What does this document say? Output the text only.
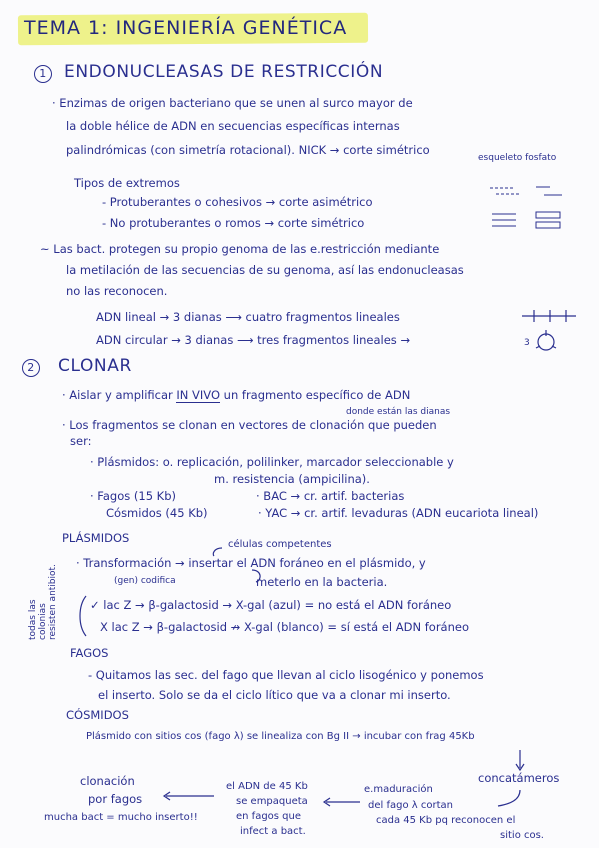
TEMA 1: INGENIERÍA GENÉTICA
1 ENDONUCLEASAS DE RESTRICCIÓN
· Enzimas de origen bacteriano que se unen al surco mayor de
la doble hélice de ADN en secuencias específicas internas
palindrómicas (con simetría rotacional). NICK → corte simétrico
esqueleto fosfato
Tipos de extremos
- Protuberantes o cohesivos → corte asimétrico
- No protuberantes o romos → corte simétrico
~ Las bact. protegen su propio genoma de las e.restricción mediante
la metilación de las secuencias de su genoma, así las endonucleasas
no las reconocen.
ADN lineal → 3 dianas ⟶ cuatro fragmentos lineales
ADN circular → 3 dianas ⟶ tres fragmentos lineales →	3
2 CLONAR
· Aislar y amplificar IN VIVO un fragmento específico de ADN
donde están las dianas
· Los fragmentos se clonan en vectores de clonación que pueden
ser:
· Plásmidos: o. replicación, polilinker, marcador seleccionable y
m. resistencia (ampicilina).
· Fagos (15 Kb)	· BAC → cr. artif. bacterias
Cósmidos (45 Kb)	· YAC → cr. artif. levaduras (ADN eucariota lineal)
PLÁSMIDOS	células competentes
· Transformación → insertar el ADN foráneo en el plásmido, y
(gen) codifica	meterlo en la bacteria.
todas las colonias resisten antibiot.	✓ lac Z → β-galactosid → X-gal (azul) = no está el ADN foráneo
X lac Z → β-galactosid ↛ X-gal (blanco) = sí está el ADN foráneo
FAGOS
- Quitamos las sec. del fago que llevan al ciclo lisogénico y ponemos
el inserto. Solo se da el ciclo lítico que va a clonar mi inserto.
CÓSMIDOS
Plásmido con sitios cos (fago λ) se linealiza con Bg II → incubar con frag 45Kb
concatámeros
clonación
por fagos
mucha bact = mucho inserto!!
el ADN de 45 Kb
se empaqueta
en fagos que
infect a bact.
e.maduración
del fago λ cortan
cada 45 Kb pq reconocen el
sitio cos.
